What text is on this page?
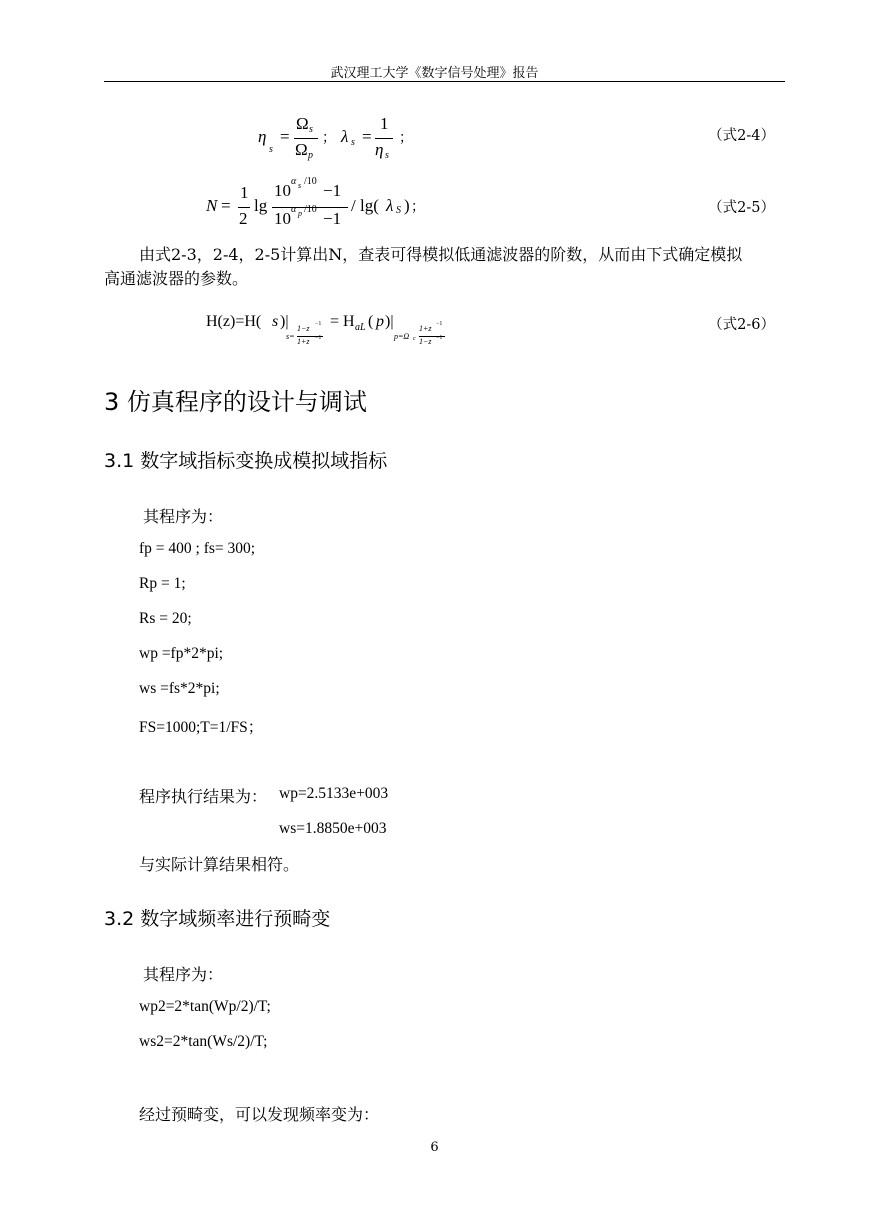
武汉理工大学《数字信号处理》报告
η
$_s$
=
Ω s
Ω p
； λ s =
1
η s
；	（式2-4）
N =
1
2
lg
10 α s /10 −1
10 α p /10 −1
/ lg( λ S ) ；	（式2-5）
由式2-3，2-4，2-5计算出N，查表可得模拟低通滤波器的阶数，从而由下式确定模拟
高通滤波器的参数。
H(z)=H( s )|
s=
1−z −1
1+z −1
= H aL ( p )|
p=Ω c
1+z −1
1−z −1
（式2-6）
3 仿真程序的设计与调试
3.1 数字域指标变换成模拟域指标
其程序为：
fp = 400 ; fs= 300;
Rp = 1;
Rs = 20;
wp =fp*2*pi;
ws =fs*2*pi;
FS=1000;T=1/FS；
程序执行结果为： wp=2.5133e+003
ws=1.8850e+003
与实际计算结果相符。
3.2 数字域频率进行预畸变
其程序为：
wp2=2*tan(Wp/2)/T;
ws2=2*tan(Ws/2)/T;
经过预畸变，可以发现频率变为：
6
